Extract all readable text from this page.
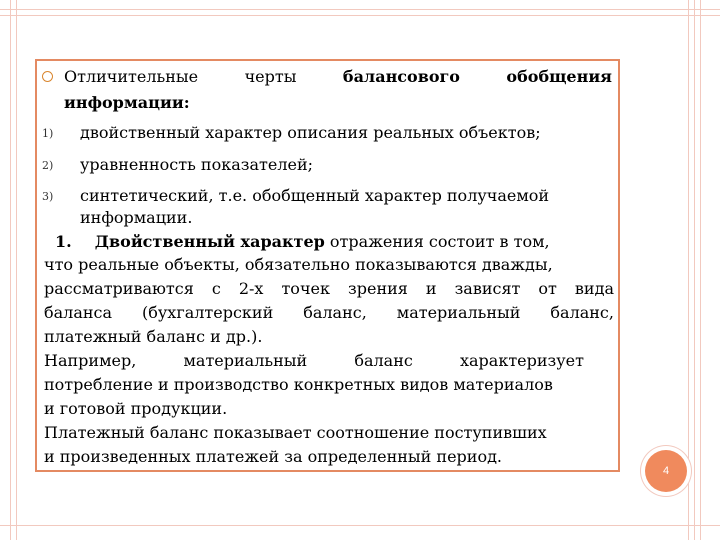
Отличительные	черты	балансового	обобщения
информации:
1) двойственный характер описания реальных объектов;
2) уравненность показателей;
3) синтетический, т.е. обобщенный характер получаемой
информации.
1. Двойственный характер отражения состоит в том,
что реальные объекты, обязательно показываются дважды,
рассматриваются с 2-х точек зрения и зависят от вида
баланса (бухгалтерский баланс, материальный баланс,
платежный баланс и др.).
Например,	материальный	баланс	характеризует
потребление и производство конкретных видов материалов
и готовой продукции.
Платежный баланс показывает соотношение поступивших
и произведенных платежей за определенный период.
4
